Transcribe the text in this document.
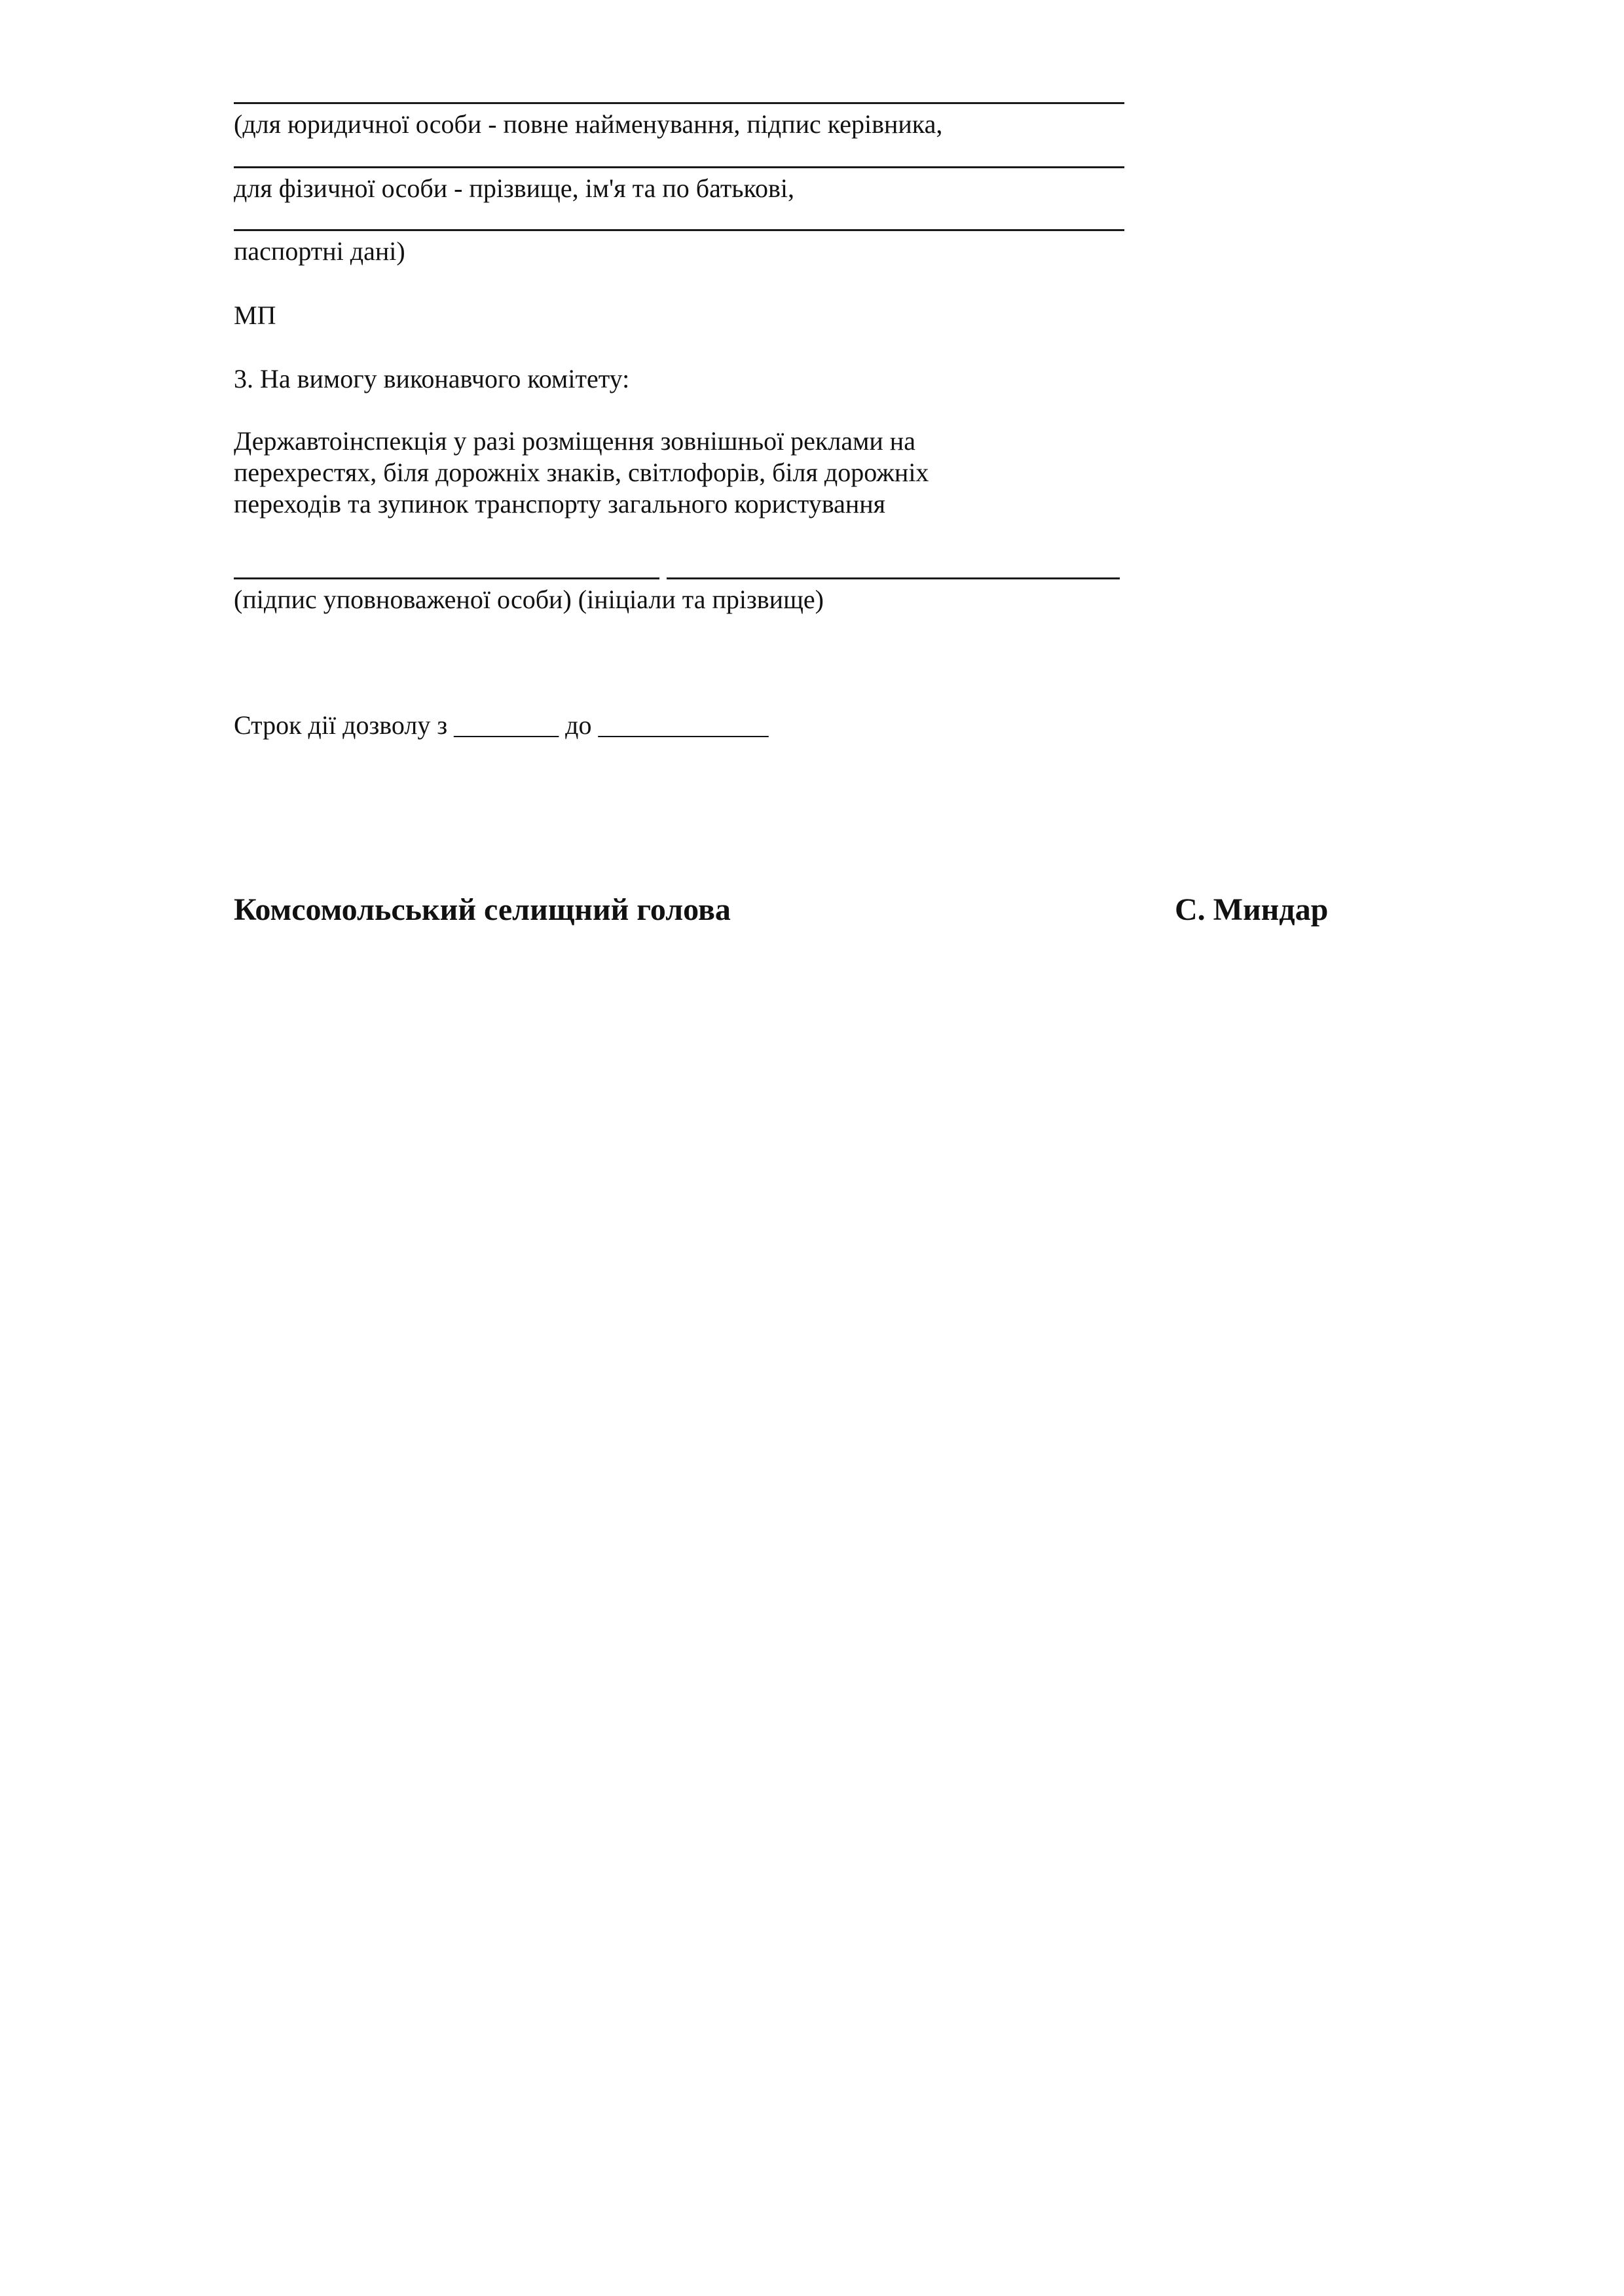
(для юридичної особи - повне найменування, підпис керівника,
для фізичної особи - прізвище, ім'я та по батькові,
паспортні дані)
МП
3. На вимогу виконавчого комітету:
Державтоінспекція у разі розміщення зовнішньої реклами на
перехрестях, біля дорожніх знаків, світлофорів, біля дорожніх
переходів та зупинок транспорту загального користування
(підпис уповноваженої особи) (ініціали та прізвище)
Строк дії дозволу з ________ до _____________
Комсомольський селищний голова	С. Миндар
